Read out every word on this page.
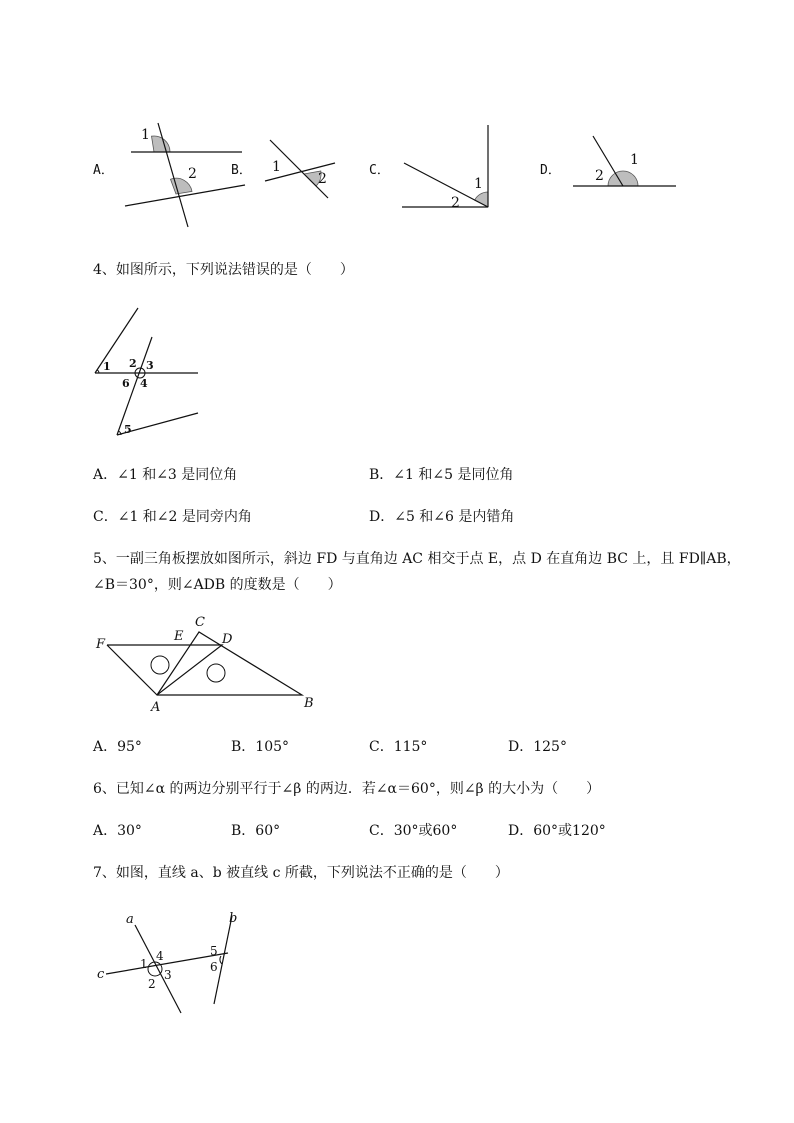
A．
1
2	B． 1
2
C．
1
2
D．
1
2
4、如图所示，下列说法错误的是（　　）
1 2 3
4
5
6
A．∠1 和∠3 是同位角	B．∠1 和∠5 是同位角
C．∠1 和∠2 是同旁内角	D．∠5 和∠6 是内错角
5、一副三角板摆放如图所示，斜边 FD 与直角边 AC 相交于点 E，点 D 在直角边 BC 上，且 FD∥AB，
∠B＝30°，则∠ADB 的度数是（　　）
F
E
C
D
A	B
A．95°	B．105°	C．115°	D．125°
6、已知∠α 的两边分别平行于∠β 的两边．若∠α＝60°，则∠β 的大小为（　　）
A．30°	B．60°	C．30°或60°	D．60°或120°
7、如图，直线 a、b 被直线 c 所截，下列说法不正确的是（　　）
a	b
c
1
2
3
4	5
6
